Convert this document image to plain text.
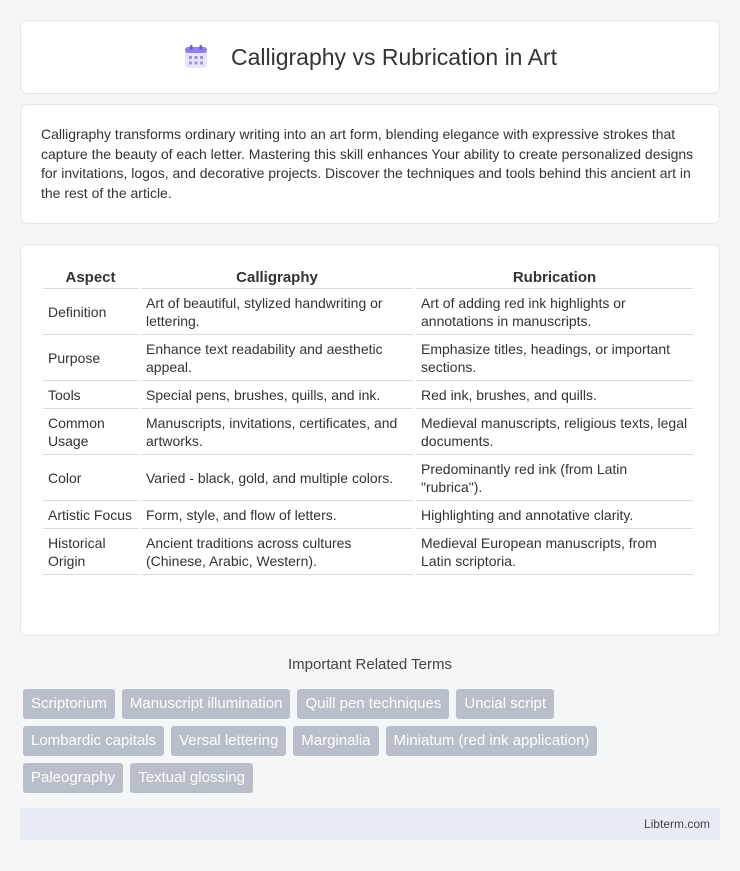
Calligraphy vs Rubrication in Art

Calligraphy transforms ordinary writing into an art form, blending elegance with expressive strokes that capture the beauty of each letter. Mastering this skill enhances Your ability to create personalized designs for invitations, logos, and decorative projects. Discover the techniques and tools behind this ancient art in the rest of the article.

Aspect	Calligraphy	Rubrication
Definition	Art of beautiful, stylized handwriting or lettering.	Art of adding red ink highlights or annotations in manuscripts.
Purpose	Enhance text readability and aesthetic appeal.	Emphasize titles, headings, or important sections.
Tools	Special pens, brushes, quills, and ink.	Red ink, brushes, and quills.
Common Usage	Manuscripts, invitations, certificates, and artworks.	Medieval manuscripts, religious texts, legal documents.
Color	Varied - black, gold, and multiple colors.	Predominantly red ink (from Latin "rubrica").
Artistic Focus	Form, style, and flow of letters.	Highlighting and annotative clarity.
Historical Origin	Ancient traditions across cultures (Chinese, Arabic, Western).	Medieval European manuscripts, from Latin scriptoria.
Important Related Terms
Scriptorium	Manuscript illumination	Quill pen techniques	Uncial script
Lombardic capitals	Versal lettering	Marginalia	Miniatum (red ink application)
Paleography	Textual glossing
Libterm.com
